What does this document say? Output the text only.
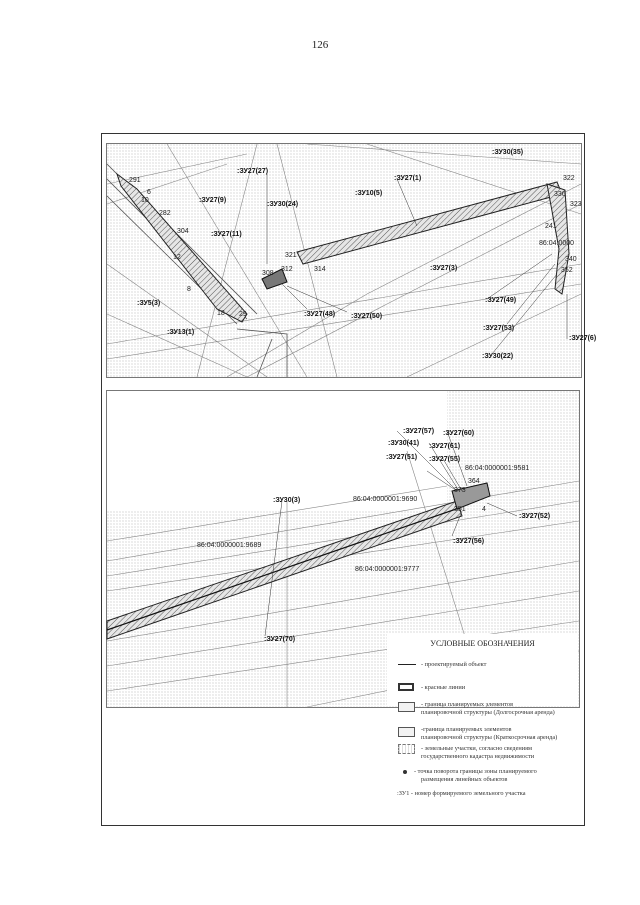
126
:ЗУ27(27)
:ЗУ30(35)
:ЗУ27(1)
:ЗУ10(5)
:ЗУ27(9)
:ЗУ30(24)
:ЗУ27(11)
:ЗУ27(3)
:ЗУ5(3)	:ЗУ27(49)
:ЗУ27(48) :ЗУ27(50)
:ЗУ13(1)
:ЗУ27(53)
:ЗУ30(22)
:ЗУ27(6)
291
10
282
304
321
308
312	314
322
336
323
241
86:04:0000
340
352
18 29
8
6
12
:ЗУ27(57) :ЗУ27(60)
:ЗУ30(41) :ЗУ27(61)
:ЗУ27(51) :ЗУ27(55)
86:04:0000001:9581
364
373
:ЗУ30(3)	86:04:0000001:9690
351 4
:ЗУ27(52)
:ЗУ27(56)
86:04:0000001:9689
86:04:0000001:9777
:ЗУ27(70)	УСЛОВНЫЕ ОБОЗНАЧЕНИЯ
- проектируемый объект
- красные линии
- граница планируемых элементов
планировочной структуры (Долгосрочная аренда)
-граница планируемых элементов
планировочной структуры (Краткосрочная аренда)
- земельные участки, согласно сведениям
государственного кадастра недвижимости
- точка поворота границы зоны планируемого
размещения линейных объектов
:ЗУ1 - номер формируемого земельного участка
